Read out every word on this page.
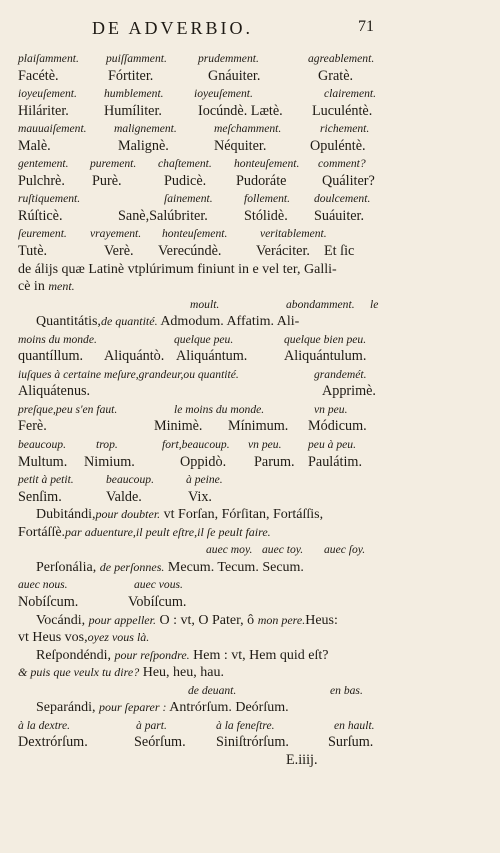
DE ADVERBIO.	71
plaiſamment. puiſſamment.	prudemment.	agreablement.
Facétè.	Fórtiter.	Gnáuiter.	Gratè.
ioyeuſement. humblement.	ioyeuſement.	clairement.
Hiláriter. Humíliter.	Iocúndè. Lætè. Luculéntè.
mauuaiſement. malignement.	meſchamment.	richement.
Malè.	Malignè.	Néquiter.	Opuléntè.
gentement. purement. chaſtement. honteuſement. comment?
Pulchrè. Purè.	Pudicè. Pudoráte	Quáliter?
ruſtiquement.	ſainement.	follement. doulcement.
Rúſticè.	Sanè,Salúbriter.	Stólidè. Suáuiter.
ſeurement. vrayement. honteuſement.	veritablement.
Tutè.	Verè. Verecúndè. Veráciter. Et ſic
de álijs quæ Latinè vtplúrimum finiunt in e vel ter, Galli-
cè in ment.
moult.	abondamment. le
Quantitátis,de quantité. Admodum. Affatim. Ali-
moins du monde.	quelque peu.	quelque bien peu.
quantíllum. Aliquántò. Aliquántum.	Aliquántulum.
iuſques à certaine meſure,grandeur,ou quantité.	grandemét.
Aliquátenus.	Apprimè.
preſque,peu s'en faut.	le moins du monde.	vn peu.
Ferè.	Minimè. Mínimum. Módicum.
beaucoup.	trop.	fort,beaucoup. vn peu. peu à peu.
Multum. Nimium.	Oppidò. Parum. Paulátim.
petit à petit.	beaucoup.	à peine.
Senſim.	Valde.	Vix.
Dubitándi,pour doubter. vt Forſan, Fórſitan, Fortáſſis,
Fortáſſè.par aduenture,il peult eſtre,il ſe peult faire.
auec moy. auec toy. auec ſoy.
Perſonália, de perſonnes. Mecum. Tecum. Secum.
auec nous.	auec vous.
Nobíſcum.	Vobíſcum.
Vocándi, pour appeller. O : vt, O Pater, ô mon pere.Heus:
vt Heus vos,oyez vous là.
Reſpondéndi, pour reſpondre. Hem : vt, Hem quid eſt?
& puis que veulx tu dire? Heu, heu, hau.
de deuant.	en bas.
Separándi, pour ſeparer : Antrórſum. Deórſum.
à la dextre.	à part.	à la feneſtre.	en hault.
Dextrórſum.	Seórſum. Siniſtrórſum.	Surſum.
E.iiij.
